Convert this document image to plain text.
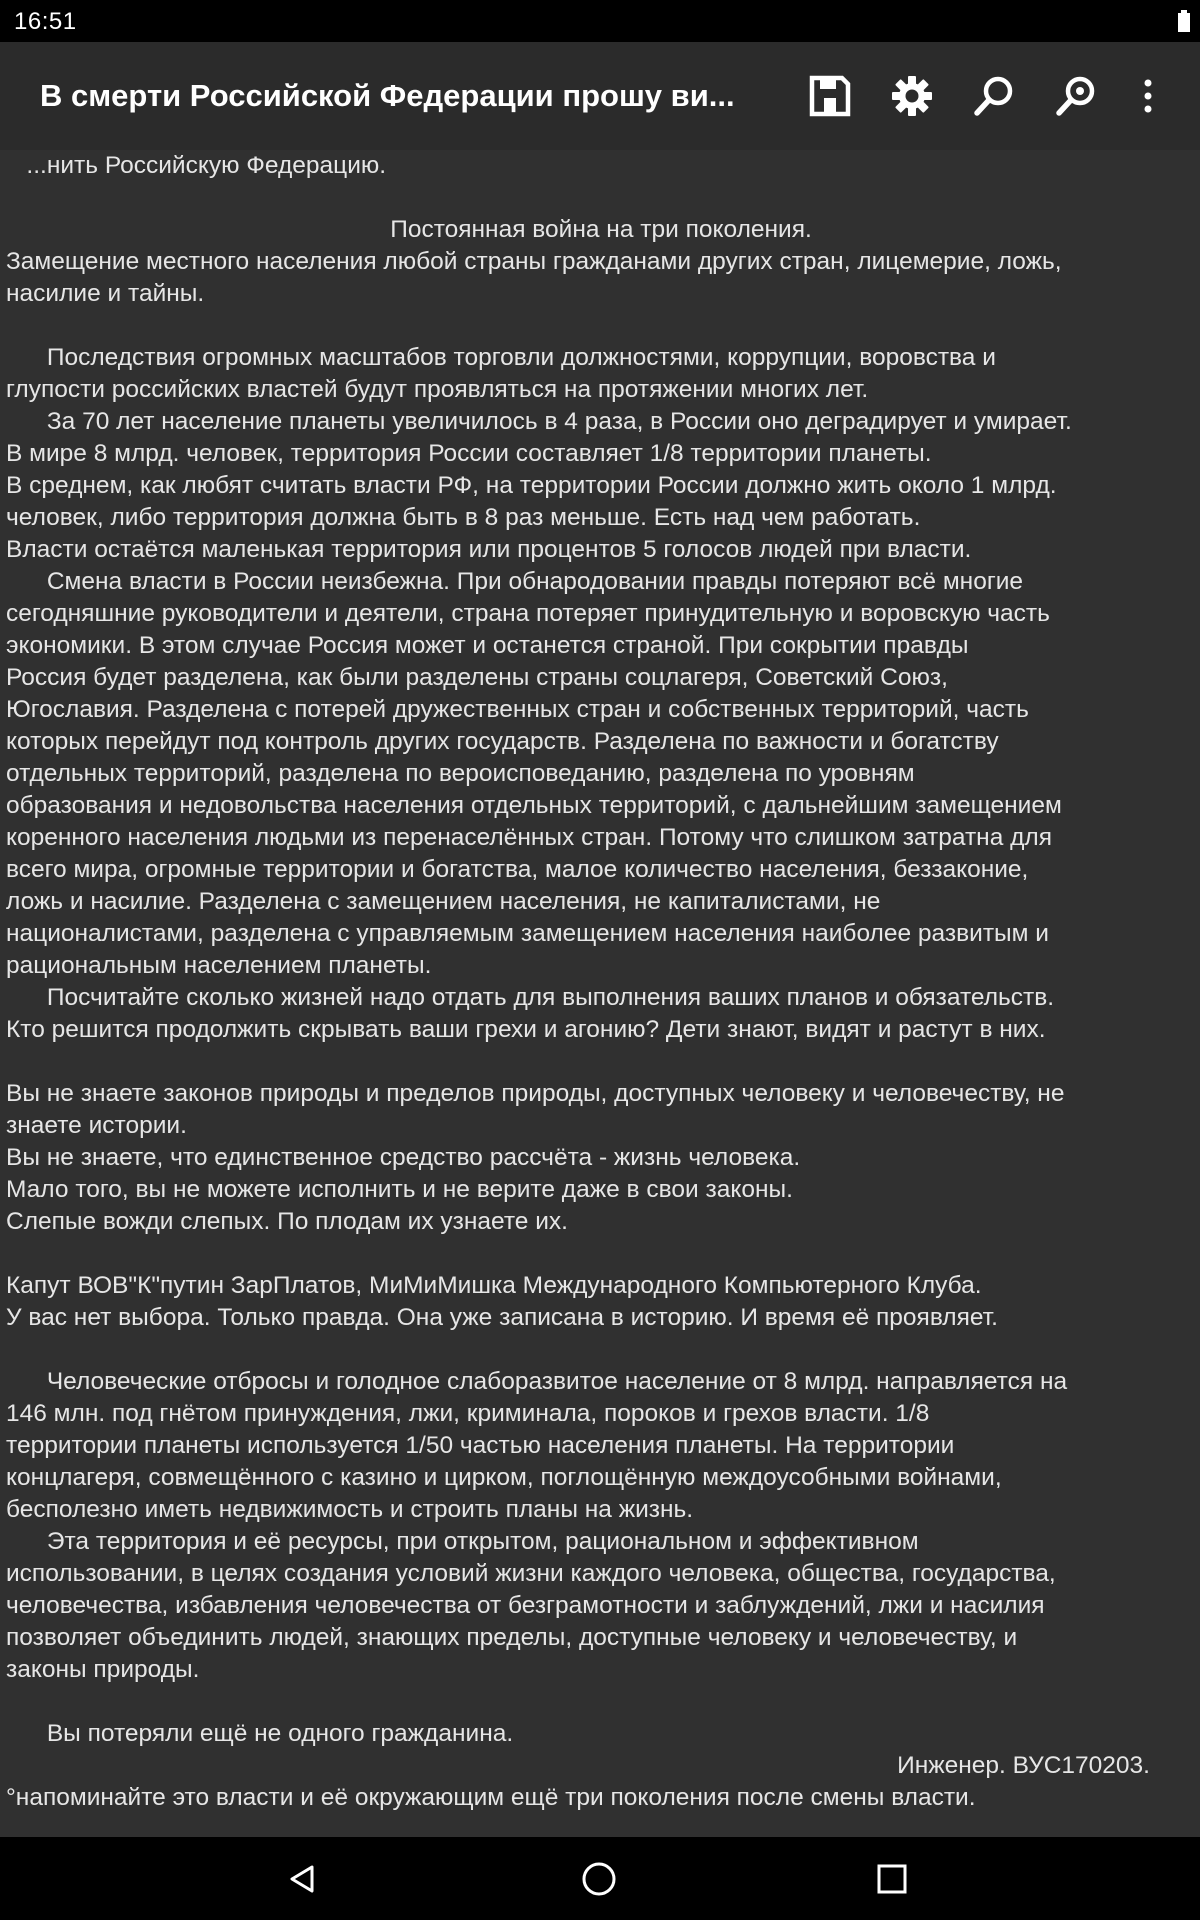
16:51
В смерти Российской Федерации прошу ви...
...нить Российскую Федерацию.
Постоянная война на три поколения.
Замещение местного населения любой страны гражданами других стран, лицемерие, ложь,
насилие и тайны.
Последствия огромных масштабов торговли должностями, коррупции, воровства и
глупости российских властей будут проявляться на протяжении многих лет.
За 70 лет население планеты увеличилось в 4 раза, в России оно деградирует и умирает.
В мире 8 млрд. человек, территория России составляет 1/8 территории планеты.
В среднем, как любят считать власти РФ, на территории России должно жить около 1 млрд.
человек, либо территория должна быть в 8 раз меньше. Есть над чем работать.
Власти остаётся маленькая территория или процентов 5 голосов людей при власти.
Смена власти в России неизбежна. При обнародовании правды потеряют всё многие
сегодняшние руководители и деятели, страна потеряет принудительную и воровскую часть
экономики. В этом случае Россия может и останется страной. При сокрытии правды
Россия будет разделена, как были разделены страны соцлагеря, Советский Союз,
Югославия. Разделена с потерей дружественных стран и собственных территорий, часть
которых перейдут под контроль других государств. Разделена по важности и богатству
отдельных территорий, разделена по вероисповеданию, разделена по уровням
образования и недовольства населения отдельных территорий, с дальнейшим замещением
коренного населения людьми из перенаселённых стран. Потому что слишком затратна для
всего мира, огромные территории и богатства, малое количество населения, беззаконие,
ложь и насилие. Разделена с замещением населения, не капиталистами, не
националистами, разделена с управляемым замещением населения наиболее развитым и
рациональным населением планеты.
Посчитайте сколько жизней надо отдать для выполнения ваших планов и обязательств.
Кто решится продолжить скрывать ваши грехи и агонию? Дети знают, видят и растут в них.
Вы не знаете законов природы и пределов природы, доступных человеку и человечеству, не
знаете истории.
Вы не знаете, что единственное средство рассчёта - жизнь человека.
Мало того, вы не можете исполнить и не верите даже в свои законы.
Слепые вожди слепых. По плодам их узнаете их.
Капут ВОВ"К"путин ЗарПлатов, МиМиМишка Международного Компьютерного Клуба.
У вас нет выбора. Только правда. Она уже записана в историю. И время её проявляет.
Человеческие отбросы и голодное слаборазвитое население от 8 млрд. направляется на
146 млн. под гнётом принуждения, лжи, криминала, пороков и грехов власти. 1/8
территории планеты используется 1/50 частью населения планеты. На территории
концлагеря, совмещённого с казино и цирком, поглощённую междоусобными войнами,
бесполезно иметь недвижимость и строить планы на жизнь.
Эта территория и её ресурсы, при открытом, рациональном и эффективном
использовании, в целях создания условий жизни каждого человека, общества, государства,
человечества, избавления человечества от безграмотности и заблуждений, лжи и насилия
позволяет объединить людей, знающих пределы, доступные человеку и человечеству, и
законы природы.
Вы потеряли ещё не одного гражданина.
Инженер. ВУС170203.
°напоминайте это власти и её окружающим ещё три поколения после смены власти.
